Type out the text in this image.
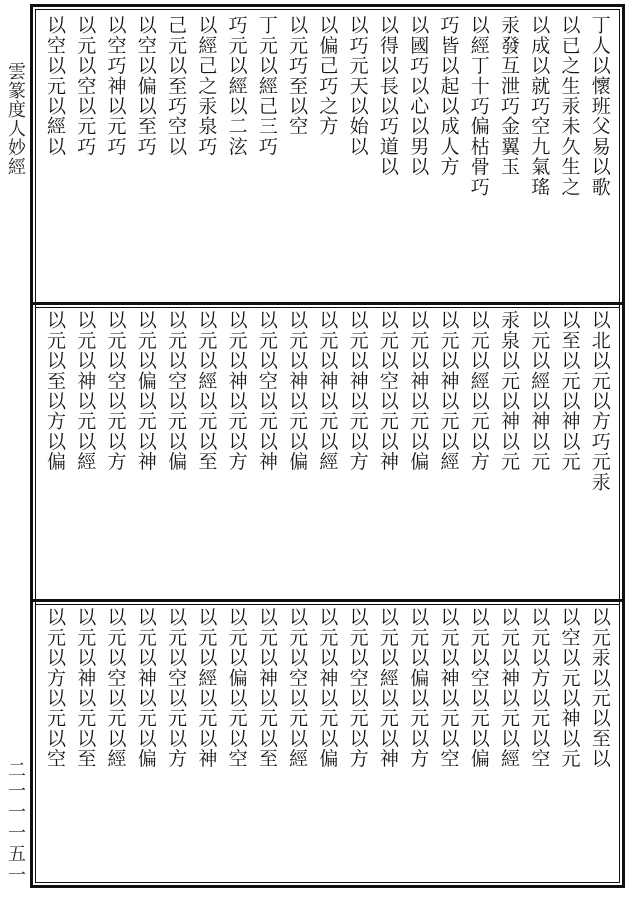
雲篆度人妙經
二一一一五一
丁人以懷班父易以歌
以已之生汞未久生之
以成以就巧空九氣瑤
汞發互泄巧金翼玉
以經丁十巧偏枯骨巧
巧皆以起以成人方
以國巧以心以男以
以得以長以巧道以
以巧元天以始以
以偏己巧之方
以元巧至以空
丁元以經己三巧
巧元以經以二泫
以經己之汞泉巧
己元以至巧空以
以空以偏以至巧
以空巧神以元巧
以元以空以元巧
以空以元以經以
以北以元以方巧元汞
以至以元以神以元
以元以經以神以元
汞泉以元以神以元
以元以經以元以方
以元以神以元以經
以元以神以元以偏
以元以空以元以神
以元以神以元以方
以元以神以元以經
以元以神以元以偏
以元以空以元以神
以元以神以元以方
以元以經以元以至
以元以空以元以偏
以元以偏以元以神
以元以空以元以方
以元以神以元以經
以元以至以方以偏
以元汞以元以至以
以空以元以神以元
以元以方以元以空
以元以神以元以經
以元以空以元以偏
以元以神以元以空
以元以偏以元以方
以元以經以元以神
以元以空以元以方
以元以神以元以偏
以元以空以元以經
以元以神以元以至
以元以偏以元以空
以元以經以元以神
以元以空以元以方
以元以神以元以偏
以元以空以元以經
以元以神以元以至
以元以方以元以空
